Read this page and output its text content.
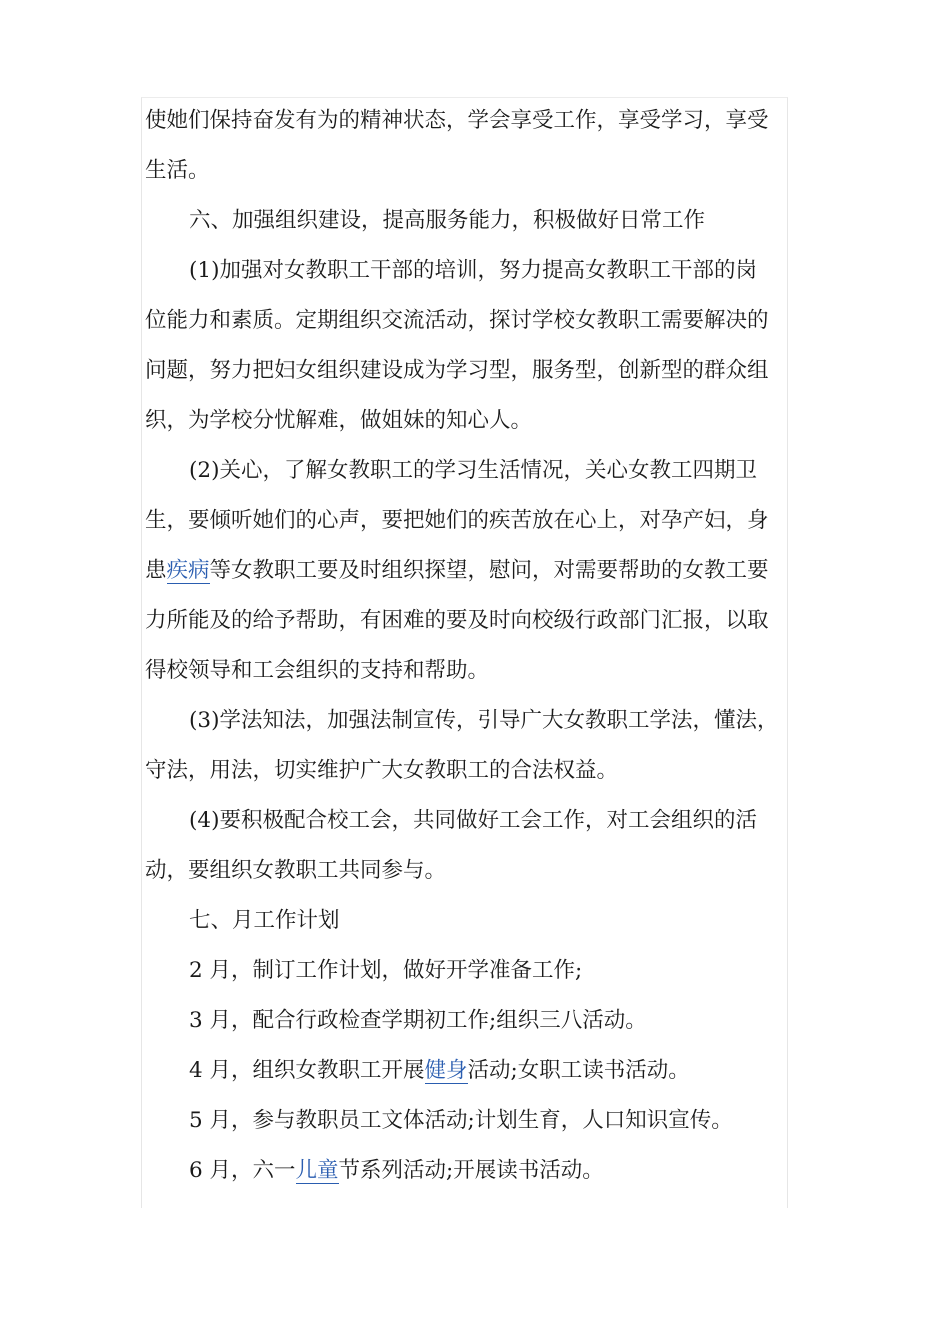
使她们保持奋发有为的精神状态，学会享受工作，享受学习，享受
生活。
六、加强组织建设，提高服务能力，积极做好日常工作
(1)加强对女教职工干部的培训，努力提高女教职工干部的岗
位能力和素质。定期组织交流活动，探讨学校女教职工需要解决的
问题，努力把妇女组织建设成为学习型，服务型，创新型的群众组
织，为学校分忧解难，做姐妹的知心人。
(2)关心，了解女教职工的学习生活情况，关心女教工四期卫
生，要倾听她们的心声，要把她们的疾苦放在心上，对孕产妇，身
患疾病等女教职工要及时组织探望，慰问，对需要帮助的女教工要
力所能及的给予帮助，有困难的要及时向校级行政部门汇报，以取
得校领导和工会组织的支持和帮助。
(3)学法知法，加强法制宣传，引导广大女教职工学法，懂法，
守法，用法，切实维护广大女教职工的合法权益。
(4)要积极配合校工会，共同做好工会工作，对工会组织的活
动，要组织女教职工共同参与。
七、月工作计划
2 月，制订工作计划，做好开学准备工作;
3 月，配合行政检查学期初工作;组织三八活动。
4 月，组织女教职工开展健身活动;女职工读书活动。
5 月，参与教职员工文体活动;计划生育，人口知识宣传。
6 月，六一儿童节系列活动;开展读书活动。
